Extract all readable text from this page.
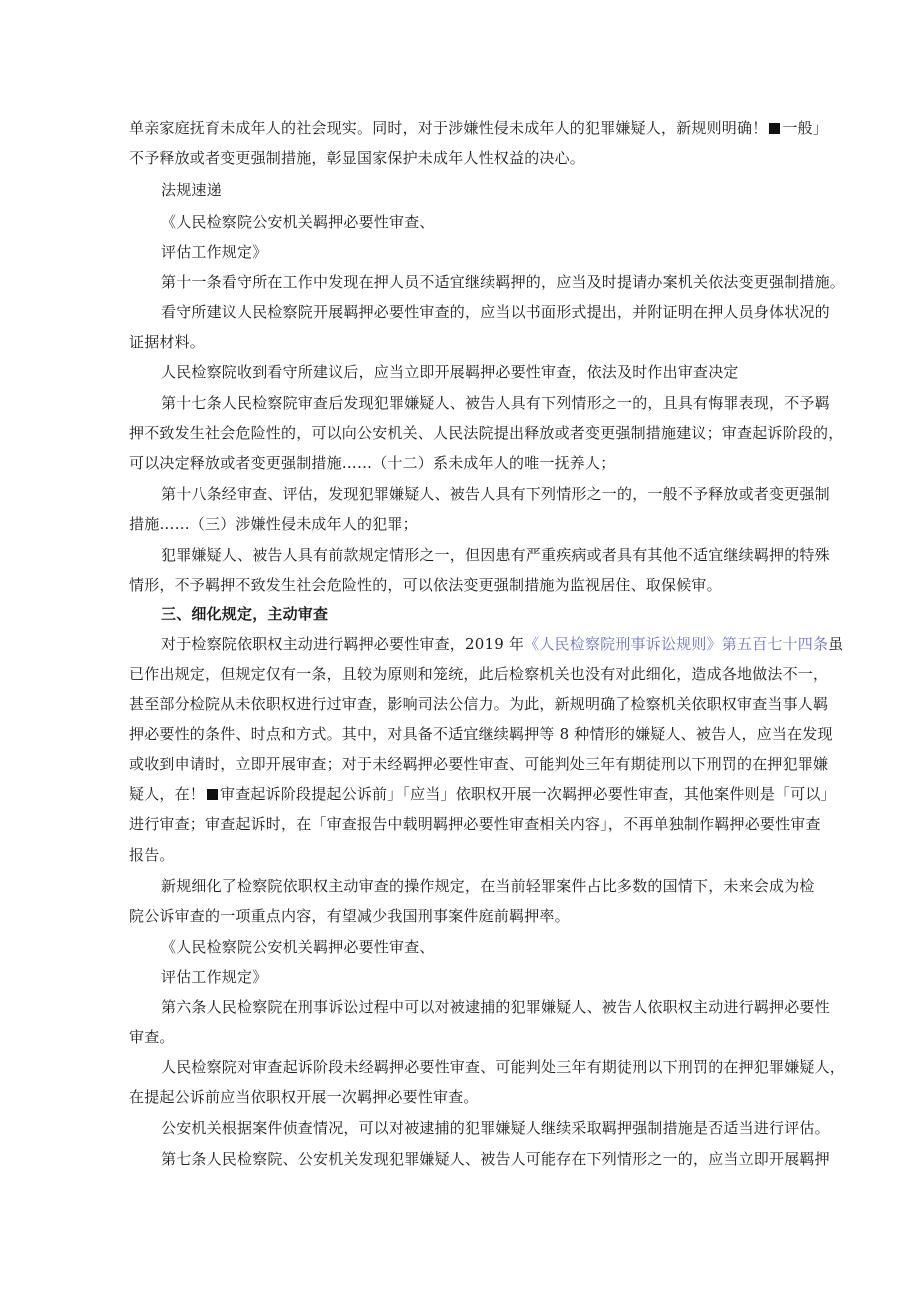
单亲家庭抚育未成年人的社会现实。同时，对于涉嫌性侵未成年人的犯罪嫌疑人，新规则明确！ 一般」
不予释放或者变更强制措施，彰显国家保护未成年人性权益的决心。
法规速递
《人民检察院公安机关羁押必要性审查、
评估工作规定》
第十一条看守所在工作中发现在押人员不适宜继续羁押的，应当及时提请办案机关依法变更强制措施。
看守所建议人民检察院开展羁押必要性审查的，应当以书面形式提出，并附证明在押人员身体状况的
证据材料。
人民检察院收到看守所建议后，应当立即开展羁押必要性审查，依法及时作出审查决定
第十七条人民检察院审查后发现犯罪嫌疑人、被告人具有下列情形之一的，且具有悔罪表现，不予羁
押不致发生社会危险性的，可以向公安机关、人民法院提出释放或者变更强制措施建议；审查起诉阶段的，
可以决定释放或者变更强制措施……（十二）系未成年人的唯一抚养人；
第十八条经审查、评估，发现犯罪嫌疑人、被告人具有下列情形之一的，一般不予释放或者变更强制
措施……（三）涉嫌性侵未成年人的犯罪；
犯罪嫌疑人、被告人具有前款规定情形之一，但因患有严重疾病或者具有其他不适宜继续羁押的特殊
情形，不予羁押不致发生社会危险性的，可以依法变更强制措施为监视居住、取保候审。
三、细化规定，主动审查
对于检察院依职权主动进行羁押必要性审查，2019 年《人民检察院刑事诉讼规则》第五百七十四条虽
已作出规定，但规定仅有一条，且较为原则和笼统，此后检察机关也没有对此细化，造成各地做法不一，
甚至部分检院从未依职权进行过审查，影响司法公信力。为此，新规明确了检察机关依职权审查当事人羁
押必要性的条件、时点和方式。其中，对具备不适宜继续羁押等 8 种情形的嫌疑人、被告人，应当在发现
或收到申请时，立即开展审查；对于未经羁押必要性审查、可能判处三年有期徒刑以下刑罚的在押犯罪嫌
疑人，在！ 审查起诉阶段提起公诉前」「应当」依职权开展一次羁押必要性审查，其他案件则是「可以」
进行审查；审查起诉时，在「审查报告中载明羁押必要性审查相关内容」，不再单独制作羁押必要性审查
报告。
新规细化了检察院依职权主动审查的操作规定，在当前轻罪案件占比多数的国情下，未来会成为检
院公诉审查的一项重点内容，有望减少我国刑事案件庭前羁押率。
《人民检察院公安机关羁押必要性审查、
评估工作规定》
第六条人民检察院在刑事诉讼过程中可以对被逮捕的犯罪嫌疑人、被告人依职权主动进行羁押必要性
审查。
人民检察院对审查起诉阶段未经羁押必要性审查、可能判处三年有期徒刑以下刑罚的在押犯罪嫌疑人，
在提起公诉前应当依职权开展一次羁押必要性审查。
公安机关根据案件侦查情况，可以对被逮捕的犯罪嫌疑人继续采取羁押强制措施是否适当进行评估。
第七条人民检察院、公安机关发现犯罪嫌疑人、被告人可能存在下列情形之一的，应当立即开展羁押
